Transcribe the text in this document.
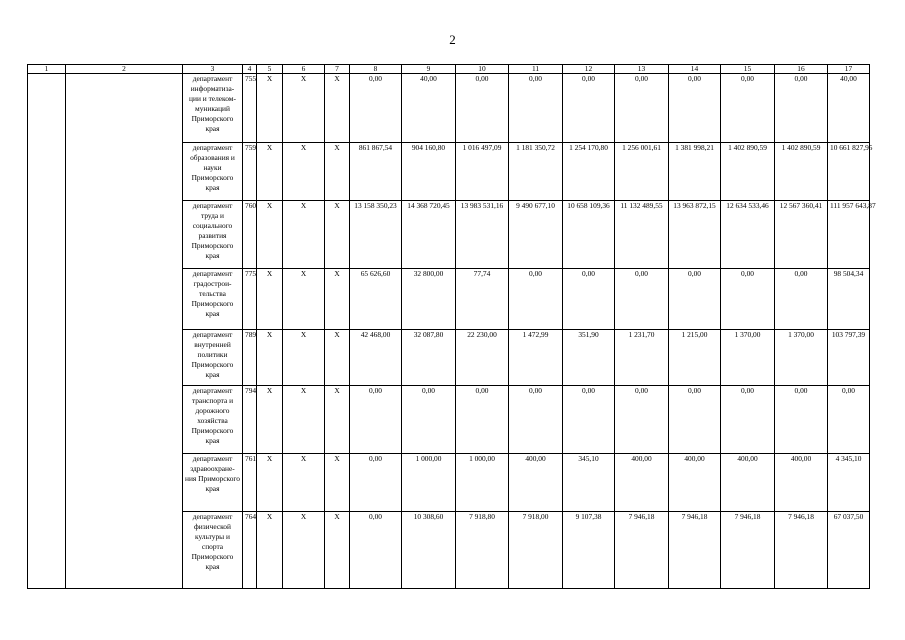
2
1	2	3	4	5	6	7	8	9	10	11	12	13	14	15	16	17
		департамент информатиза-ции и телеком-муникаций Приморского края	755	X	X	X	0,00	40,00	0,00	0,00	0,00	0,00	0,00	0,00	0,00	40,00
		департамент образования и науки Приморского края	759	X	X	X	861 867,54	904 160,80	1 016 497,09	1 181 350,72	1 254 170,80	1 256 001,61	1 381 998,21	1 402 890,59	1 402 890,59	10 661 827,95
		департамент труда и социального развития Приморского края	760	X	X	X	13 158 350,23	14 368 720,45	13 983 531,16	9 490 677,10	10 658 109,36	11 132 489,55	13 963 872,15	12 634 533,46	12 567 360,41	111 957 643,87
		департамент градострои-тельства Приморского края	775	X	X	X	65 626,60	32 800,00	77,74	0,00	0,00	0,00	0,00	0,00	0,00	98 504,34
		департамент внутренней политики Приморского края	789	X	X	X	42 468,00	32 087,80	22 230,00	1 472,99	351,90	1 231,70	1 215,00	1 370,00	1 370,00	103 797,39
		департамент транспорта и дорожного хозяйства Приморского края	794	X	X	X	0,00	0,00	0,00	0,00	0,00	0,00	0,00	0,00	0,00	0,00
		департамент здравоохране-ния Приморского края	761	X	X	X	0,00	1 000,00	1 000,00	400,00	345,10	400,00	400,00	400,00	400,00	4 345,10
		департамент физической культуры и спорта Приморского края	764	X	X	X	0,00	10 308,60	7 918,80	7 918,00	9 107,38	7 946,18	7 946,18	7 946,18	7 946,18	67 037,50
